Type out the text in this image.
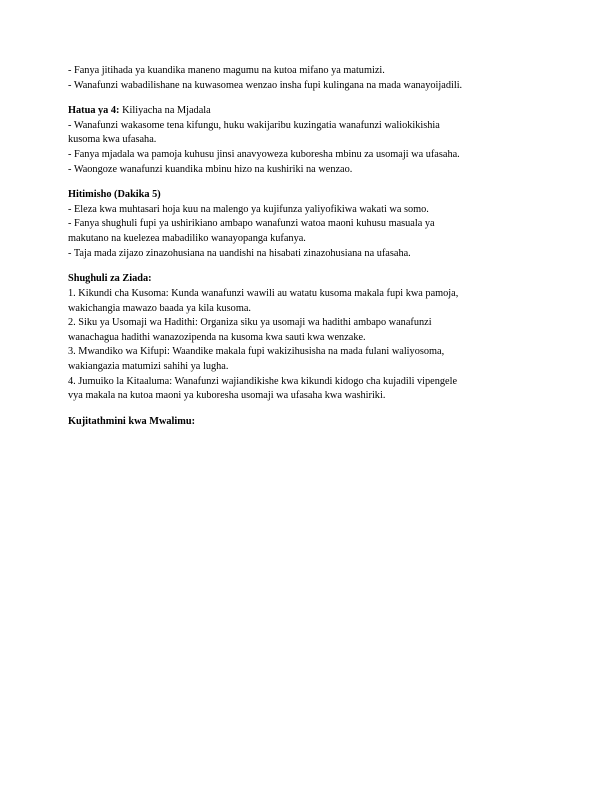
- Fanya jitihada ya kuandika maneno magumu na kutoa mifano ya matumizi.

- Wanafunzi wabadilishane na kuwasomea wenzao insha fupi kulingana na mada wanayoijadili.

Hatua ya 4: Kiliyacha na Mjadala

- Wanafunzi wakasome tena kifungu, huku wakijaribu kuzingatia wanafunzi waliokikishia

kusoma kwa ufasaha.

- Fanya mjadala wa pamoja kuhusu jinsi anavyoweza kuboresha mbinu za usomaji wa ufasaha.

- Waongoze wanafunzi kuandika mbinu hizo na kushiriki na wenzao.

Hitimisho (Dakika 5)

- Eleza kwa muhtasari hoja kuu na malengo ya kujifunza yaliyofikiwa wakati wa somo.

- Fanya shughuli fupi ya ushirikiano ambapo wanafunzi watoa maoni kuhusu masuala ya

makutano na kuelezea mabadiliko wanayopanga kufanya.

- Taja mada zijazo zinazohusiana na uandishi na hisabati zinazohusiana na ufasaha.

Shughuli za Ziada:

1. Kikundi cha Kusoma: Kunda wanafunzi wawili au watatu kusoma makala fupi kwa pamoja,

wakichangia mawazo baada ya kila kusoma.

2. Siku ya Usomaji wa Hadithi: Organiza siku ya usomaji wa hadithi ambapo wanafunzi

wanachagua hadithi wanazozipenda na kusoma kwa sauti kwa wenzake.

3. Mwandiko wa Kifupi: Waandike makala fupi wakizihusisha na mada fulani waliyosoma,

wakiangazia matumizi sahihi ya lugha.

4. Jumuiko la Kitaaluma: Wanafunzi wajiandikishe kwa kikundi kidogo cha kujadili vipengele

vya makala na kutoa maoni ya kuboresha usomaji wa ufasaha kwa washiriki.

Kujitathmini kwa Mwalimu:
